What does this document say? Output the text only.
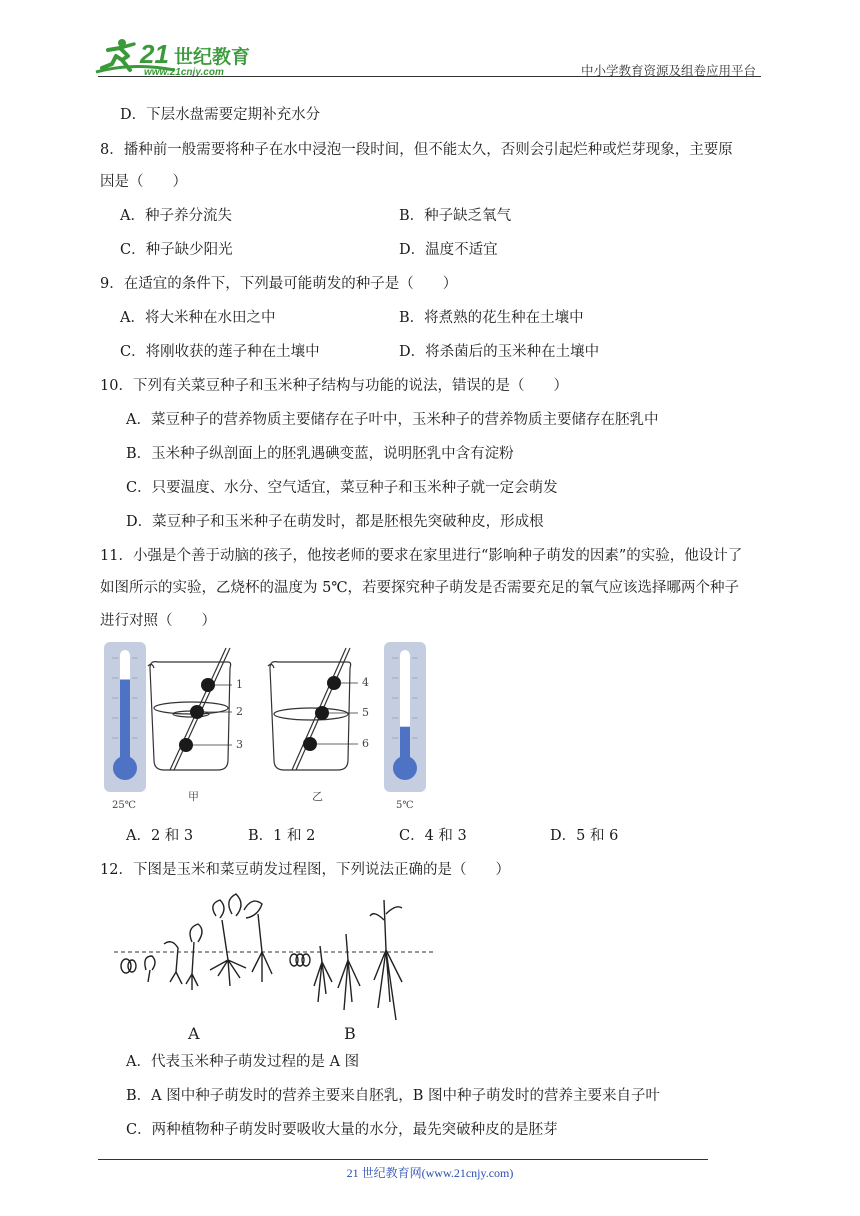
21 世纪教育
www.21cnjy.com	中小学教育资源及组卷应用平台
D．下层水盘需要定期补充水分
8．播种前一般需要将种子在水中浸泡一段时间，但不能太久，否则会引起烂种或烂芽现象，主要原
因是（　　）
A．种子养分流失	B．种子缺乏氧气
C．种子缺少阳光	D．温度不适宜
9．在适宜的条件下，下列最可能萌发的种子是（　　）
A．将大米种在水田之中	B．将煮熟的花生种在土壤中
C．将刚收获的莲子种在土壤中	D．将杀菌后的玉米种在土壤中
10．下列有关菜豆种子和玉米种子结构与功能的说法，错误的是（　　）
A．菜豆种子的营养物质主要储存在子叶中，玉米种子的营养物质主要储存在胚乳中
B．玉米种子纵剖面上的胚乳遇碘变蓝，说明胚乳中含有淀粉
C．只要温度、水分、空气适宜，菜豆种子和玉米种子就一定会萌发
D．菜豆种子和玉米种子在萌发时，都是胚根先突破种皮，形成根
11．小强是个善于动脑的孩子，他按老师的要求在家里进行“影响种子萌发的因素”的实验，他设计了
如图所示的实验，乙烧杯的温度为 5℃，若要探究种子萌发是否需要充足的氧气应该选择哪两个种子
进行对照（　　）
1
2
3
4
5
6
25℃
甲	乙
5℃
A．2 和 3	B．1 和 2	C．4 和 3	D．5 和 6
12．下图是玉米和菜豆萌发过程图，下列说法正确的是（　　）
A	B
A．代表玉米种子萌发过程的是 A 图
B．A 图中种子萌发时的营养主要来自胚乳，B 图中种子萌发时的营养主要来自子叶
C．两种植物种子萌发时要吸收大量的水分，最先突破种皮的是胚芽
21 世纪教育网(www.21cnjy.com)
